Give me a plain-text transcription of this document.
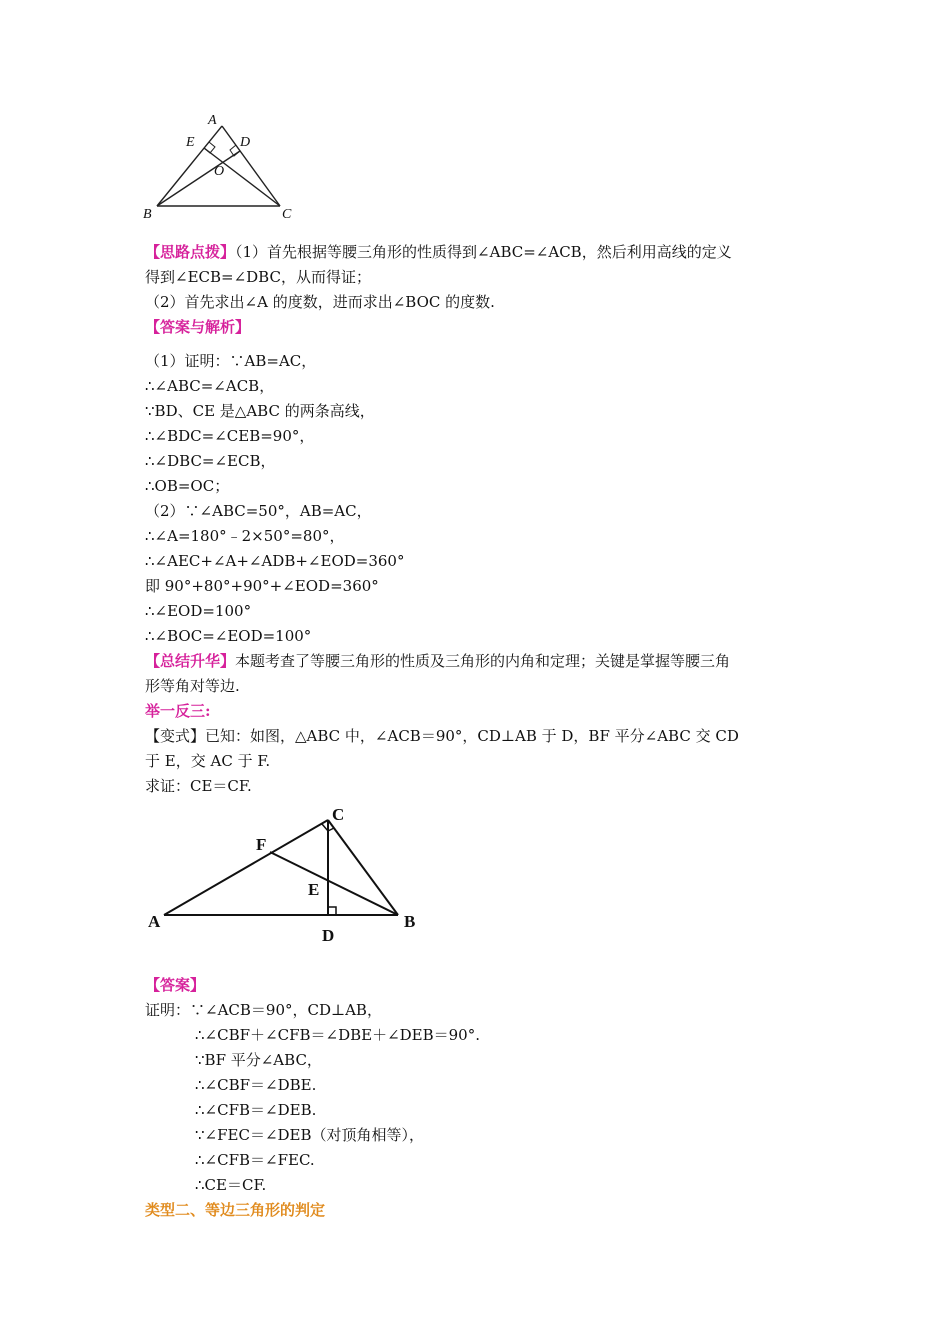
A
E	D
O
B	C
【思路点拨】（1）首先根据等腰三角形的性质得到∠ABC=∠ACB，然后利用高线的定义
得到∠ECB=∠DBC，从而得证；
（2）首先求出∠A 的度数，进而求出∠BOC 的度数.
【答案与解析】
（1）证明：∵AB=AC，
∴∠ABC=∠ACB，
∵BD、CE 是△ABC 的两条高线，
∴∠BDC=∠CEB=90°，
∴∠DBC=∠ECB，
∴OB=OC；
（2）∵∠ABC=50°，AB=AC，
∴∠A=180°﹣2×50°=80°，
∴∠AEC+∠A+∠ADB+∠EOD=360°
即 90°+80°+90°+∠EOD=360°
∴∠EOD=100°
∴∠BOC=∠EOD=100°
【总结升华】本题考查了等腰三角形的性质及三角形的内角和定理；关键是掌握等腰三角
形等角对等边.
举一反三:
【变式】已知：如图，△ABC 中，∠ACB＝90°，CD⊥AB 于 D，BF 平分∠ABC 交 CD
于 E，交 AC 于 F.
求证：CE＝CF.
C
F
E
A	B
D
【答案】
证明：∵∠ACB＝90°，CD⊥AB，
∴∠CBF＋∠CFB＝∠DBE＋∠DEB＝90°.
∵BF 平分∠ABC，
∴∠CBF＝∠DBE.
∴∠CFB＝∠DEB.
∵∠FEC＝∠DEB（对顶角相等），
∴∠CFB＝∠FEC.
∴CE＝CF.
类型二、等边三角形的判定
